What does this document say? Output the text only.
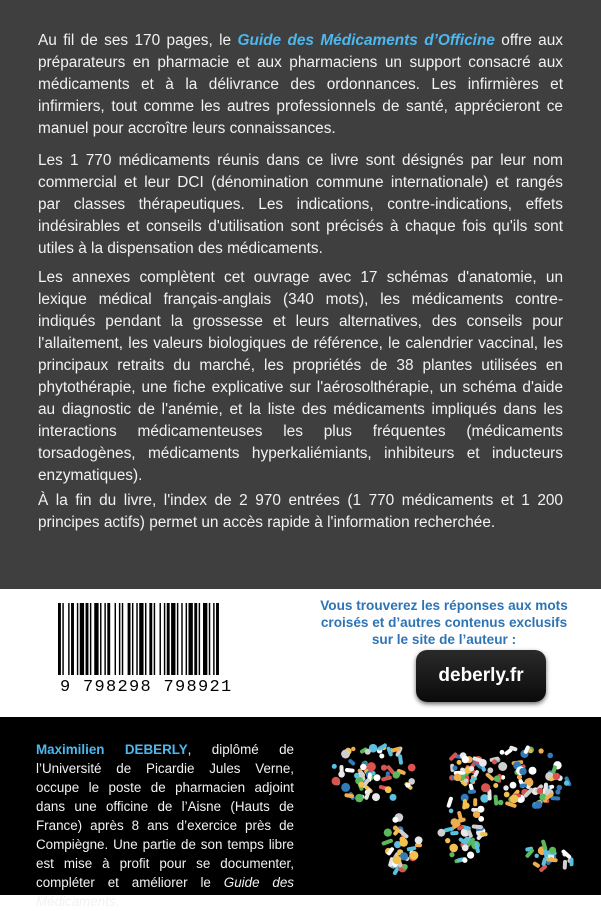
Au fil de ses 170 pages, le Guide des Médicaments d’Officine offre aux préparateurs en pharmacie et aux pharmaciens un support consacré aux médicaments et à la délivrance des ordonnances. Les infirmières et infirmiers, tout comme les autres professionnels de santé, apprécieront ce manuel pour accroître leurs connaissances.

Les 1 770 médicaments réunis dans ce livre sont désignés par leur nom commercial et leur DCI (dénomination commune internationale) et rangés par classes thérapeutiques. Les indications, contre-indications, effets indésirables et conseils d'utilisation sont précisés à chaque fois qu'ils sont utiles à la dispensation des médicaments.

Les annexes complètent cet ouvrage avec 17 schémas d'anatomie, un lexique médical français-anglais (340 mots), les médicaments contre-indiqués pendant la grossesse et leurs alternatives, des conseils pour l'allaitement, les valeurs biologiques de référence, le calendrier vaccinal, les principaux retraits du marché, les propriétés de 38 plantes utilisées en phytothérapie, une fiche explicative sur l'aérosolthérapie, un schéma d'aide au diagnostic de l'anémie, et la liste des médicaments impliqués dans les interactions médicamenteuses les plus fréquentes (médicaments torsadogènes, médicaments hyperkaliémiants, inhibiteurs et inducteurs enzymatiques).

À la fin du livre, l'index de 2 970 entrées (1 770 médicaments et 1 200 principes actifs) permet un accès rapide à l'information recherchée.

9 798298 798921

Vous trouverez les réponses aux mots

croisés et d’autres contenus exclusifs

sur le site de l’auteur :

deberly.fr

Maximilien DEBERLY, diplômé de l’Université de Picardie Jules Verne, occupe le poste de pharmacien adjoint dans une officine de l’Aisne (Hauts de France) après 8 ans d’exercice près de Compiègne. Une partie de son temps libre est mise à profit pour se documenter, compléter et améliorer le Guide des Médicaments.
